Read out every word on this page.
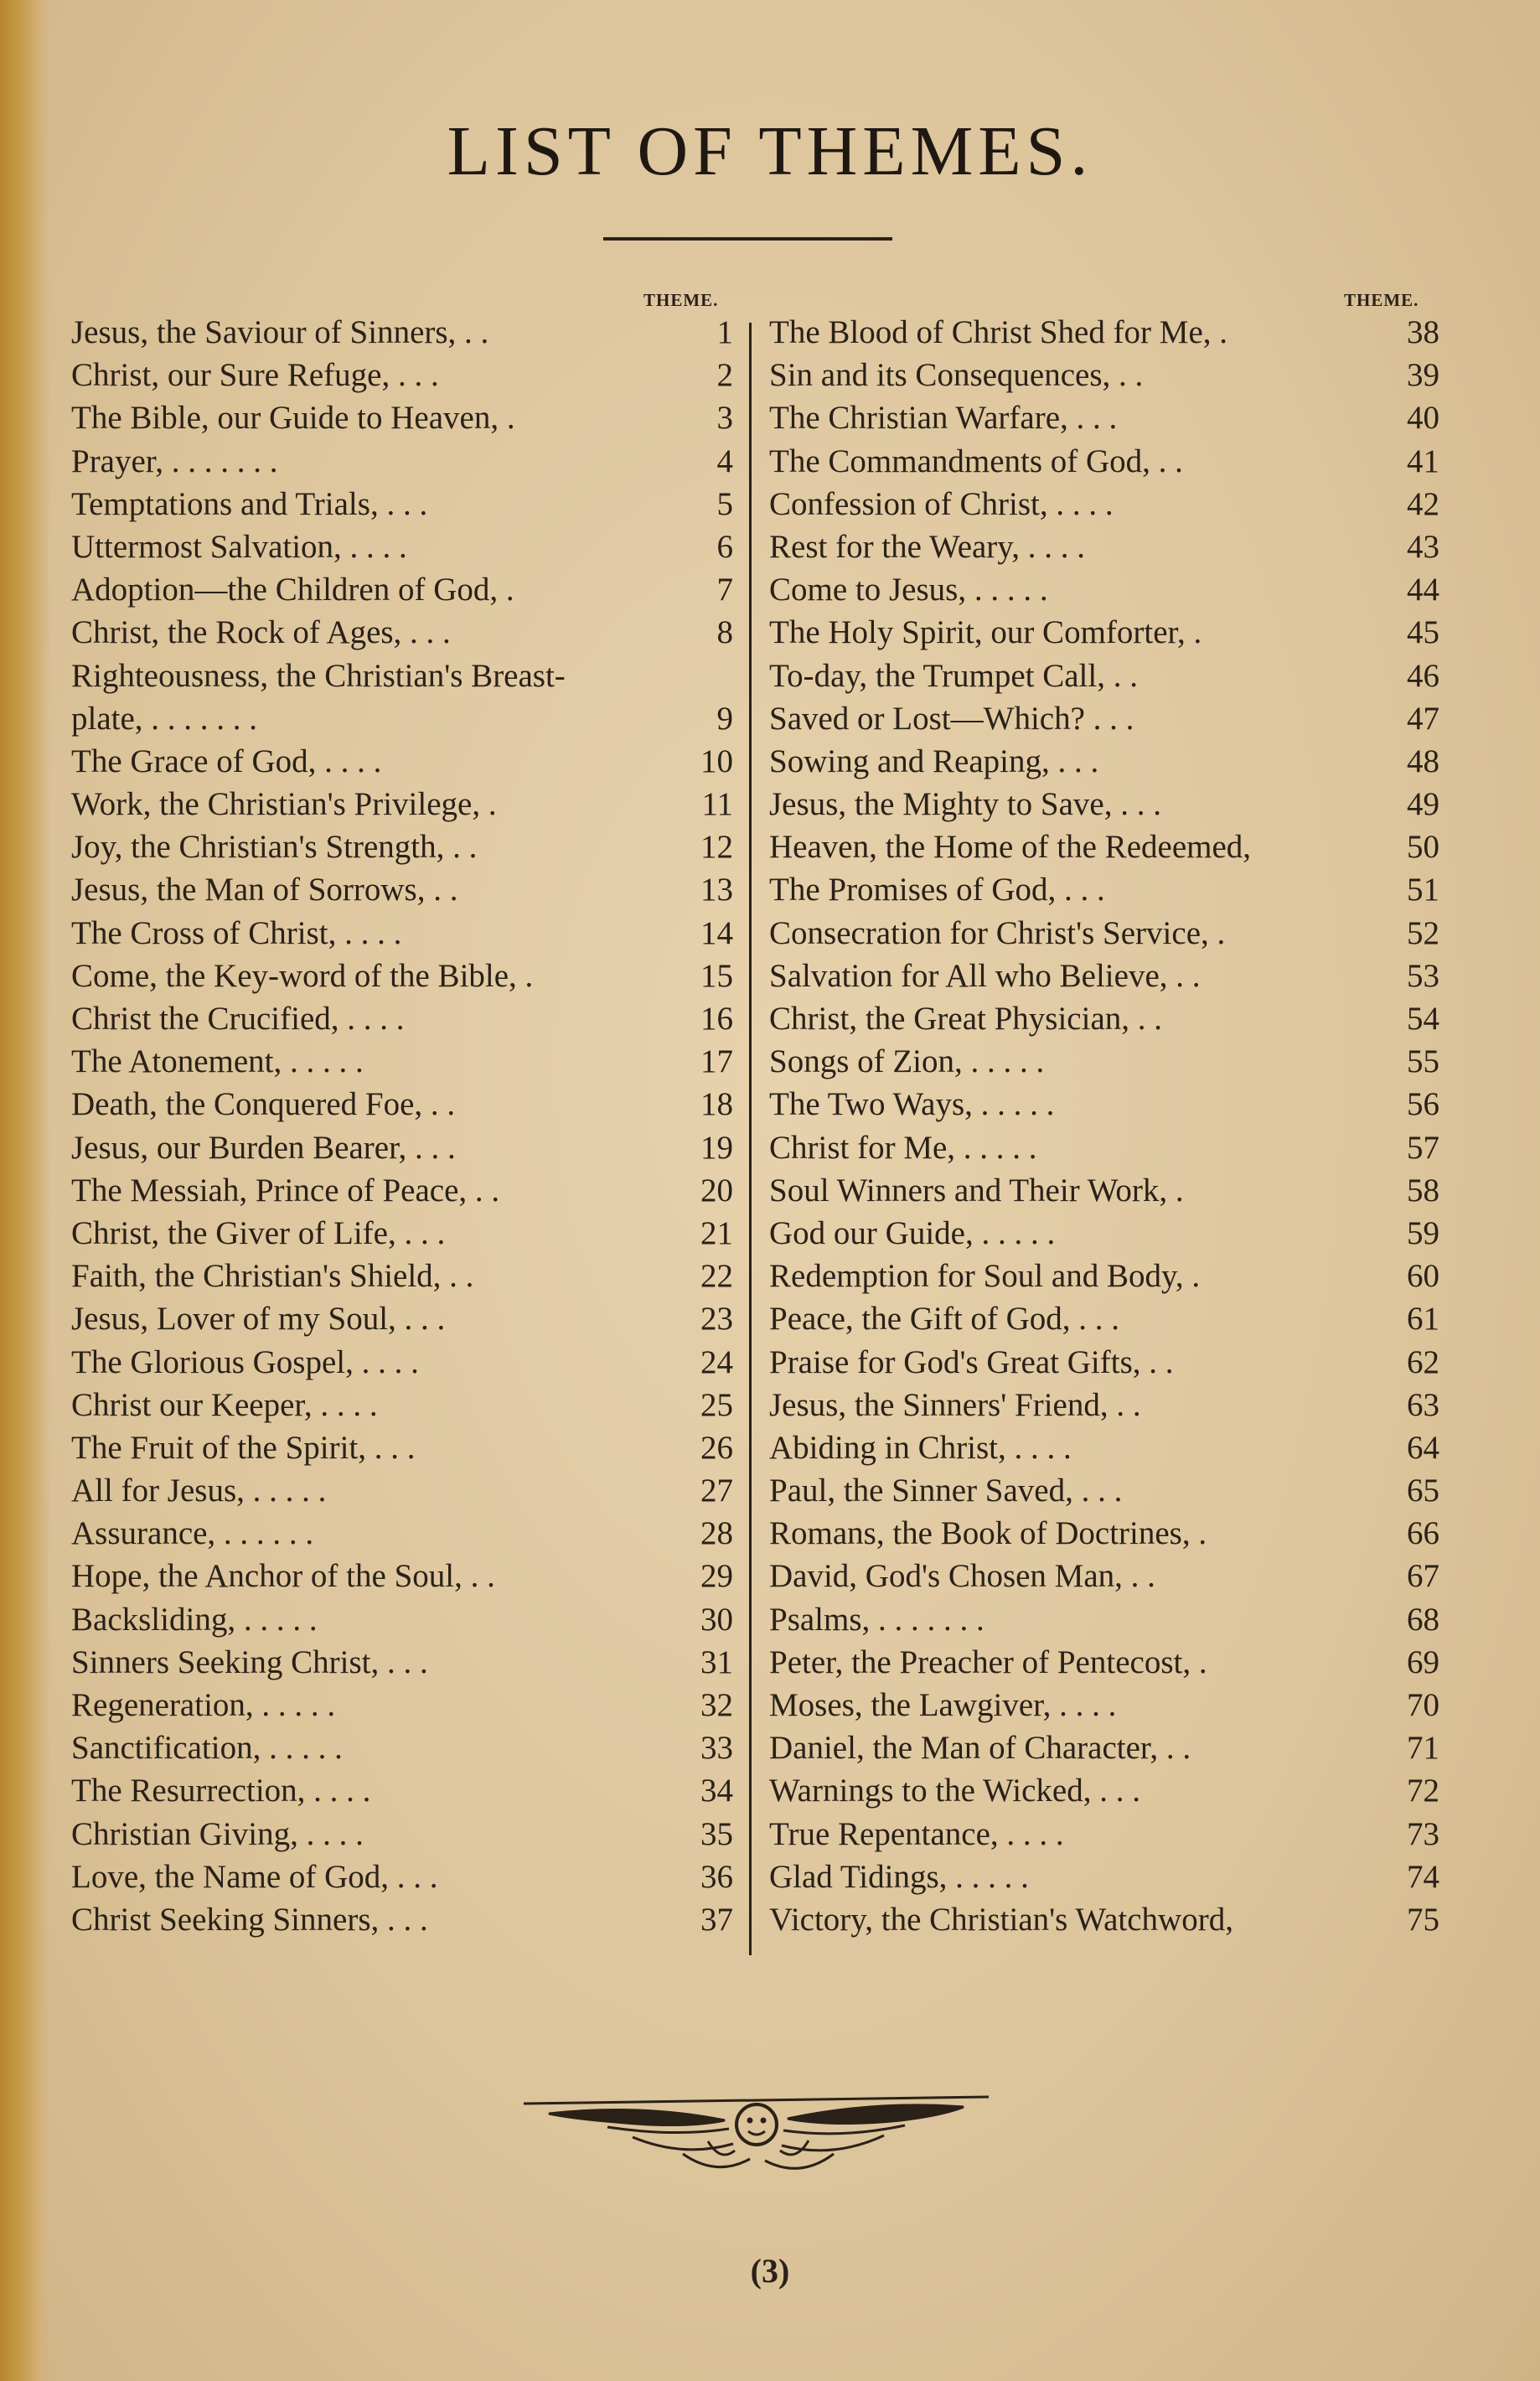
LIST OF THEMES.
THEME.	THEME.
Jesus, the Saviour of Sinners, . .	1
Christ, our Sure Refuge, . . .	2
The Bible, our Guide to Heaven, .	3
Prayer, . . . . . . .	4
Temptations and Trials, . . .	5
Uttermost Salvation, . . . .	6
Adoption—the Children of God, .	7
Christ, the Rock of Ages, . . .	8
Righteousness, the Christian's Breast-
plate, . . . . . . .	9
The Grace of God, . . . .	10
Work, the Christian's Privilege, .	11
Joy, the Christian's Strength, . .	12
Jesus, the Man of Sorrows, . .	13
The Cross of Christ, . . . .	14
Come, the Key-word of the Bible, .	15
Christ the Crucified, . . . .	16
The Atonement, . . . . .	17
Death, the Conquered Foe, . .	18
Jesus, our Burden Bearer, . . .	19
The Messiah, Prince of Peace, . .	20
Christ, the Giver of Life, . . .	21
Faith, the Christian's Shield, . .	22
Jesus, Lover of my Soul, . . .	23
The Glorious Gospel, . . . .	24
Christ our Keeper, . . . .	25
The Fruit of the Spirit, . . .	26
All for Jesus, . . . . .	27
Assurance, . . . . . .	28
Hope, the Anchor of the Soul, . .	29
Backsliding, . . . . .	30
Sinners Seeking Christ, . . .	31
Regeneration, . . . . .	32
Sanctification, . . . . .	33
The Resurrection, . . . .	34
Christian Giving, . . . .	35
Love, the Name of God, . . .	36
Christ Seeking Sinners, . . .	37
The Blood of Christ Shed for Me, .	38
Sin and its Consequences, . .	39
The Christian Warfare, . . .	40
The Commandments of God, . .	41
Confession of Christ, . . . .	42
Rest for the Weary, . . . .	43
Come to Jesus, . . . . .	44
The Holy Spirit, our Comforter, .	45
To-day, the Trumpet Call, . .	46
Saved or Lost—Which? . . .	47
Sowing and Reaping, . . .	48
Jesus, the Mighty to Save, . . .	49
Heaven, the Home of the Redeemed,	50
The Promises of God, . . .	51
Consecration for Christ's Service, .	52
Salvation for All who Believe, . .	53
Christ, the Great Physician, . .	54
Songs of Zion, . . . . .	55
The Two Ways, . . . . .	56
Christ for Me, . . . . .	57
Soul Winners and Their Work, .	58
God our Guide, . . . . .	59
Redemption for Soul and Body, .	60
Peace, the Gift of God, . . .	61
Praise for God's Great Gifts, . .	62
Jesus, the Sinners' Friend, . .	63
Abiding in Christ, . . . .	64
Paul, the Sinner Saved, . . .	65
Romans, the Book of Doctrines, .	66
David, God's Chosen Man, . .	67
Psalms, . . . . . . .	68
Peter, the Preacher of Pentecost, .	69
Moses, the Lawgiver, . . . .	70
Daniel, the Man of Character, . .	71
Warnings to the Wicked, . . .	72
True Repentance, . . . .	73
Glad Tidings, . . . . .	74
Victory, the Christian's Watchword,	75
(3)
